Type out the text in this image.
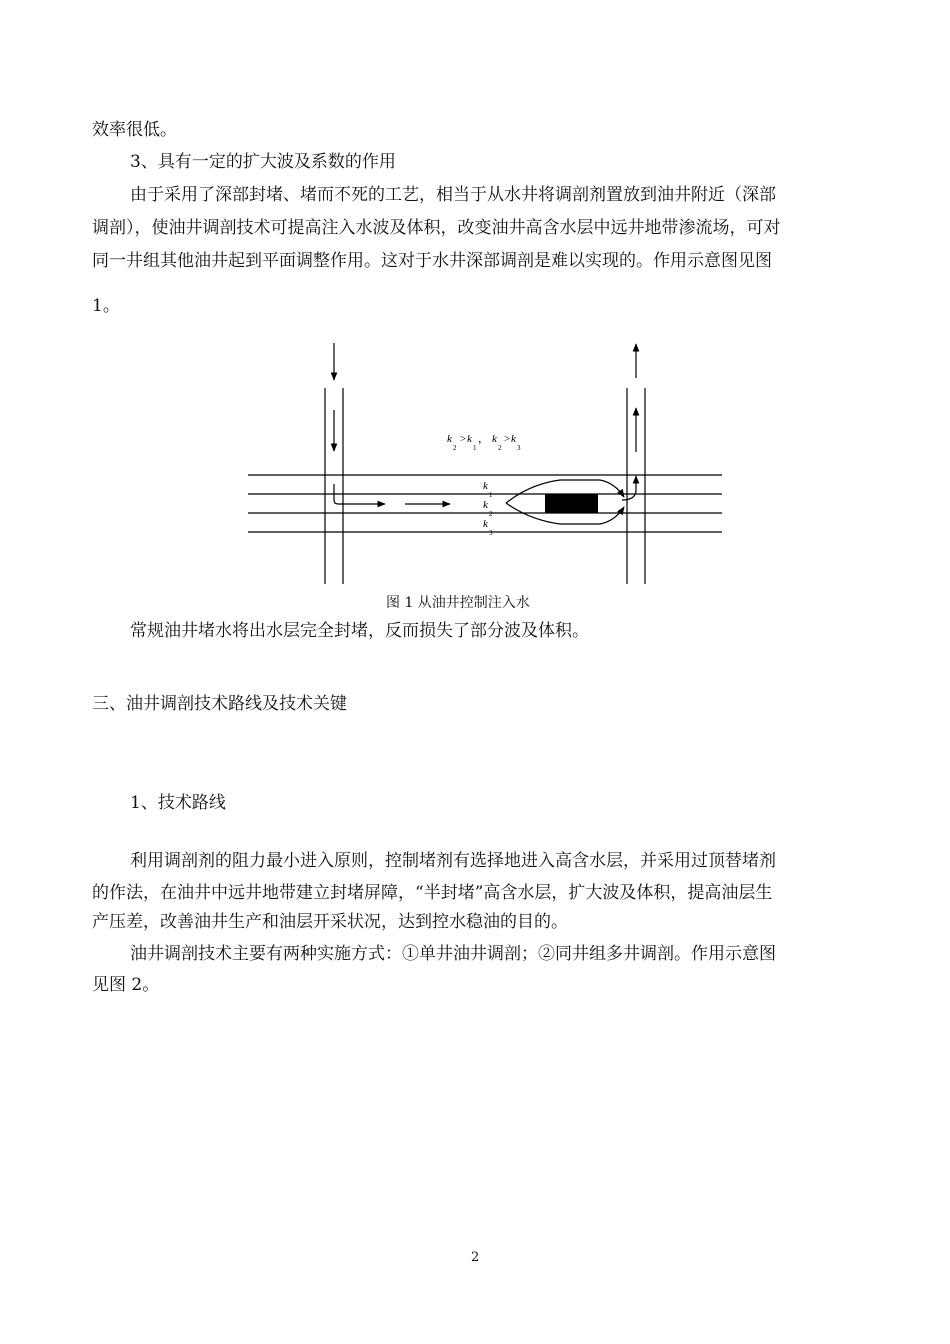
效率很低。
3、具有一定的扩大波及系数的作用
由于采用了深部封堵、堵而不死的工艺，相当于从水井将调剖剂置放到油井附近（深部
调剖），使油井调剖技术可提高注入水波及体积，改变油井高含水层中远井地带渗流场，可对
同一井组其他油井起到平面调整作用。这对于水井深部调剖是难以实现的。作用示意图见图
1。
k
2
> k
1
， k
2
> k
3
k
1
k
2
k
3
图 1 从油井控制注入水
常规油井堵水将出水层完全封堵，反而损失了部分波及体积。
三、油井调剖技术路线及技术关键
1、技术路线
利用调剖剂的阻力最小进入原则，控制堵剂有选择地进入高含水层，并采用过顶替堵剂
的作法，在油井中远井地带建立封堵屏障，“半封堵”高含水层，扩大波及体积，提高油层生
产压差，改善油井生产和油层开采状况，达到控水稳油的目的。
油井调剖技术主要有两种实施方式：①单井油井调剖；②同井组多井调剖。作用示意图
见图 2。
2
